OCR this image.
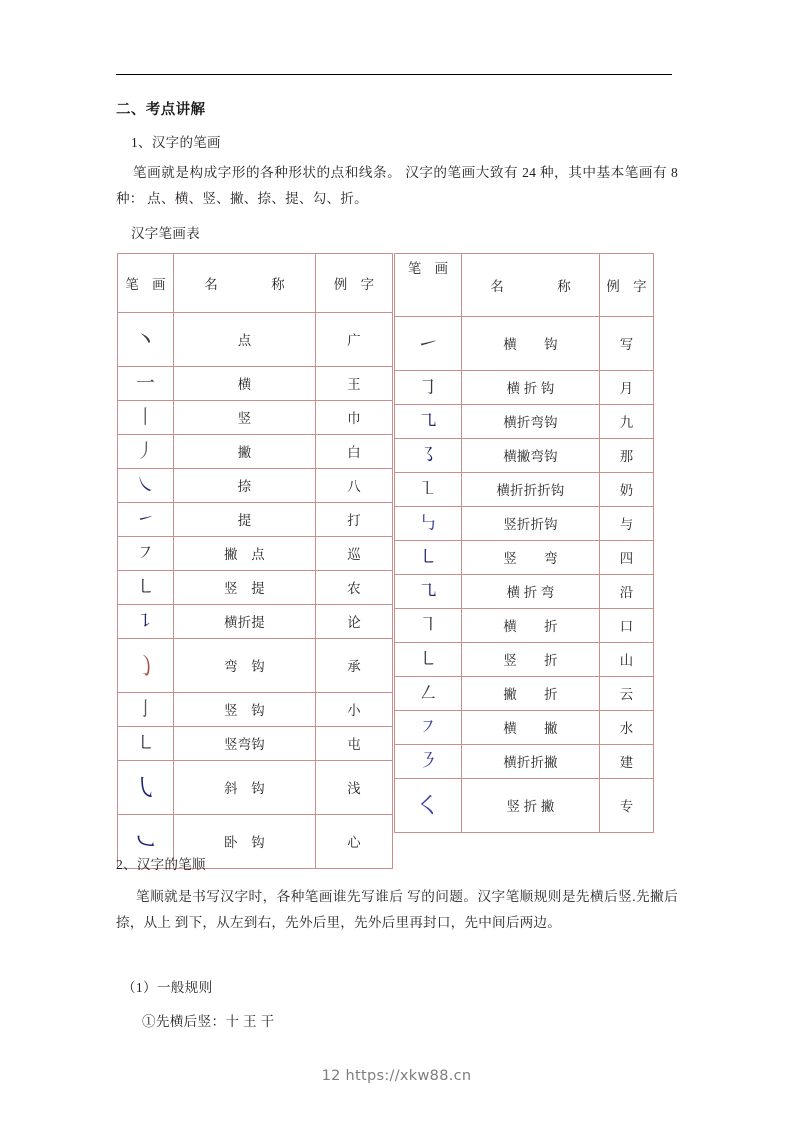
二、考点讲解
1、汉字的笔画
笔画就是构成字形的各种形状的点和线条。 汉字的笔画大致有 24 种，其中基本笔画有 8 种： 点、横、竖、撇、捺、提、勾、折。
汉字笔画表
笔　画	名　　　　称	例　字
丶	点	广
一	横	王
丨	竖	巾
丿	撇	白
㇏	捺	八
㇀	提	打
㇇	撇　点	巡
㇄	竖　提	农
㇊	横折提	论
㇁	弯　钩	承
亅	竖　钩	小
㇄	竖弯钩	屯
㇂	斜　钩	浅
㇃	卧　钩	心
笔　画	名　　　　称	例　字
㇀	横　　钩	写
㇆	横 折 钩	月
㇈	横折弯钩	九
㇌	横撇弯钩	那
㇅	横折折折钩	奶
㇉	竖折折钩	与
㇄	竖　　弯	四
㇈	横 折 弯	沿
㇕	横　　折	口
㇄	竖　　折	山
㇜	撇　　折	云
㇇	横　　撇	水
㇋	横折折撇	建
㇛	竖 折 撇	专
2、汉字的笔顺
笔顺就是书写汉字时，各种笔画谁先写谁后 写的问题。汉字笔顺规则是先横后竖.先撇后捺，从上 到下，从左到右，先外后里，先外后里再封口，先中间后两边。
（1）一般规则
①先横后竖：十 王 干
12 https://xkw88.cn
